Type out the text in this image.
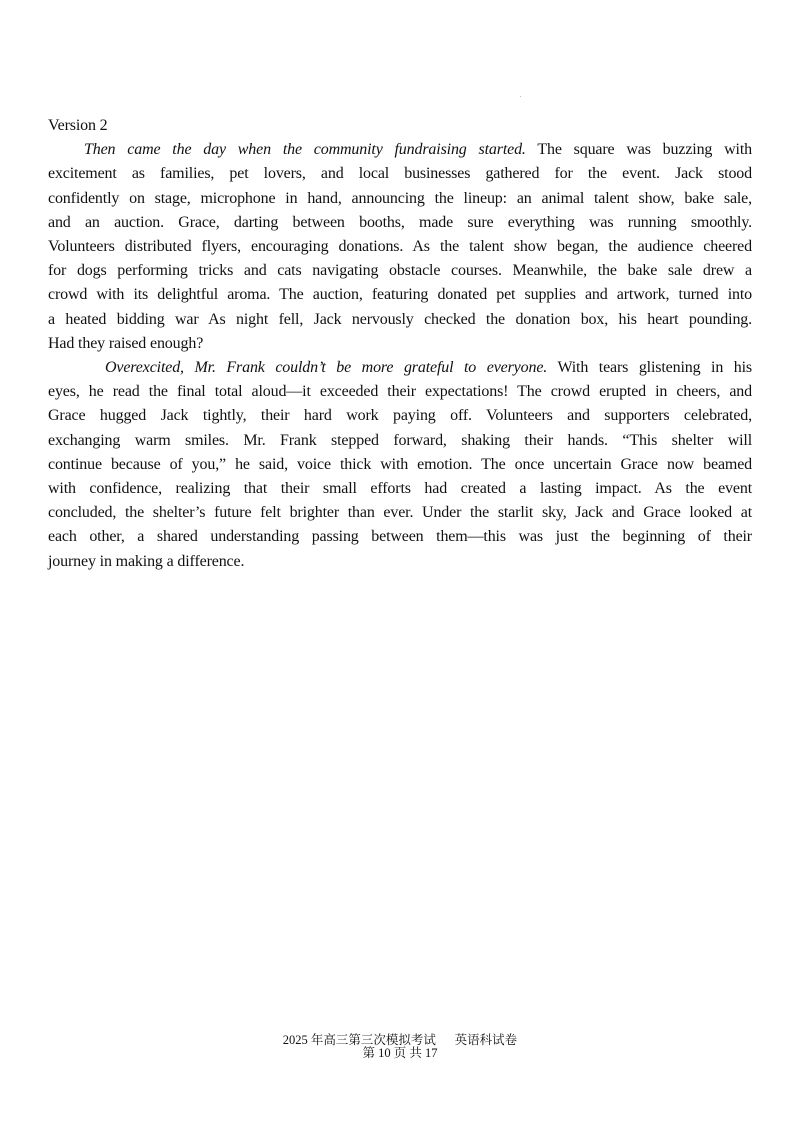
Version 2
Then came the day when the community fundraising started. The square was buzzing with
excitement as families, pet lovers, and local businesses gathered for the event. Jack stood
confidently on stage, microphone in hand, announcing the lineup: an animal talent show, bake sale,
and an auction. Grace, darting between booths, made sure everything was running smoothly.
Volunteers distributed flyers, encouraging donations. As the talent show began, the audience cheered
for dogs performing tricks and cats navigating obstacle courses. Meanwhile, the bake sale drew a
crowd with its delightful aroma. The auction, featuring donated pet supplies and artwork, turned into
a heated bidding war As night fell, Jack nervously checked the donation box, his heart pounding.
Had they raised enough?
Overexcited, Mr. Frank couldn’t be more grateful to everyone. With tears glistening in his
eyes, he read the final total aloud—it exceeded their expectations! The crowd erupted in cheers, and
Grace hugged Jack tightly, their hard work paying off. Volunteers and supporters celebrated,
exchanging warm smiles. Mr. Frank stepped forward, shaking their hands. “This shelter will
continue because of you,” he said, voice thick with emotion. The once uncertain Grace now beamed
with confidence, realizing that their small efforts had created a lasting impact. As the event
concluded, the shelter’s future felt brighter than ever. Under the starlit sky, Jack and Grace looked at
each other, a shared understanding passing between them—this was just the beginning of their
journey in making a difference.
2025 年高三第三次模拟考试      英语科试卷
第 10 页 共 17
